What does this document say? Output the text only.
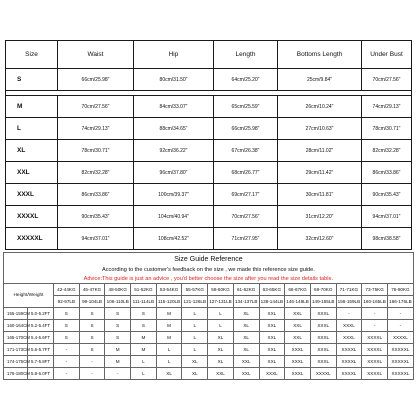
Size	Waist	Hip	Length	Bottoms Length	Under Bust
S	66cm/25.98"	80cm/31.50"	64cm/25.20"	25cm/9.84"	70cm/27.56"

M	70cm/27.56"	84cm/33.07"	65cm/25.59"	26cm/10.24"	74cm/29.13"
L	74cm/29.13"	88cm/34.65"	66cm/25.98"	27cm/10.63"	78cm/30.71"
XL	78cm/30.71"	92cm/36.22"	67cm/26.38"	28cm/11.02"	82cm/32.28"
XXL	82cm/32.28"	96cm/37.80"	68cm/26.77"	29cm/11.42"	86cm/33.86"
XXXL	86cm/33.86"	100cm/39.37"	69cm/27.17"	30cm/11.81"	90cm/35.43"
XXXXL	90cm/35.43"	104cm/40.94"	70cm/27.56"	31cm/12.20"	94cm/37.01"
XXXXXL	94cm/37.01"	108cm/42.52"	71cm/27.95"	32cm/12.60"	98cm/38.58"
Size Guide Reference															
According to the customer's feedback on the size , we made this reference size guide.															
Advice:This guide is just an advice , you'd better choose the size after you read the size details table.															
Height/Weight		42-44KG	45-47KG	48-50KG	51-52KG	53-54KG	55-57KG	58-60KG	61-62KG	63-65KG	66-67KG	68-70KG	71-71KG	73-75KG	76-80KG
		92-97LB	99-104LB	106-110LB	111-114LB	115-120LB	121-126LB	127-131LB	134-137LB	138-144LB	146-148LB	149-155LB	156-159LB	160-165LB	166-176LB
155-159CM	5.0-5.2FT	S	S	S	S	M	L	L	XL	XXL	XXL	XXXL	-	-	-
160-164CM	5.2-5.4FT	S	S	S	S	M	L	L	XL	XXL	XXL	XXXL	XXXL	-	-
165-170CM	5.4-5.6FT	S	S	S	M	M	L	XL	XL	XXL	XXL	XXXL	XXXL	XXXXL	XXXXL
171-173CM	5.6-5.7FT	-	S	M	M	L	L	XL	XL	XXL	XXXL	XXXL	XXXXL	XXXXL	XXXXXL
174-175CM	5.7-5.8FT	-	-	M	L	L	XL	XL	XXL	XXL	XXXL	XXXL	XXXXL	XXXXL	XXXXXL
176-180CM	5.8-6.0FT	-	-	-	L	XL	XL	XXL	XXL	XXXL	XXXL	XXXXL	XXXXL	XXXXL	XXXXXL
